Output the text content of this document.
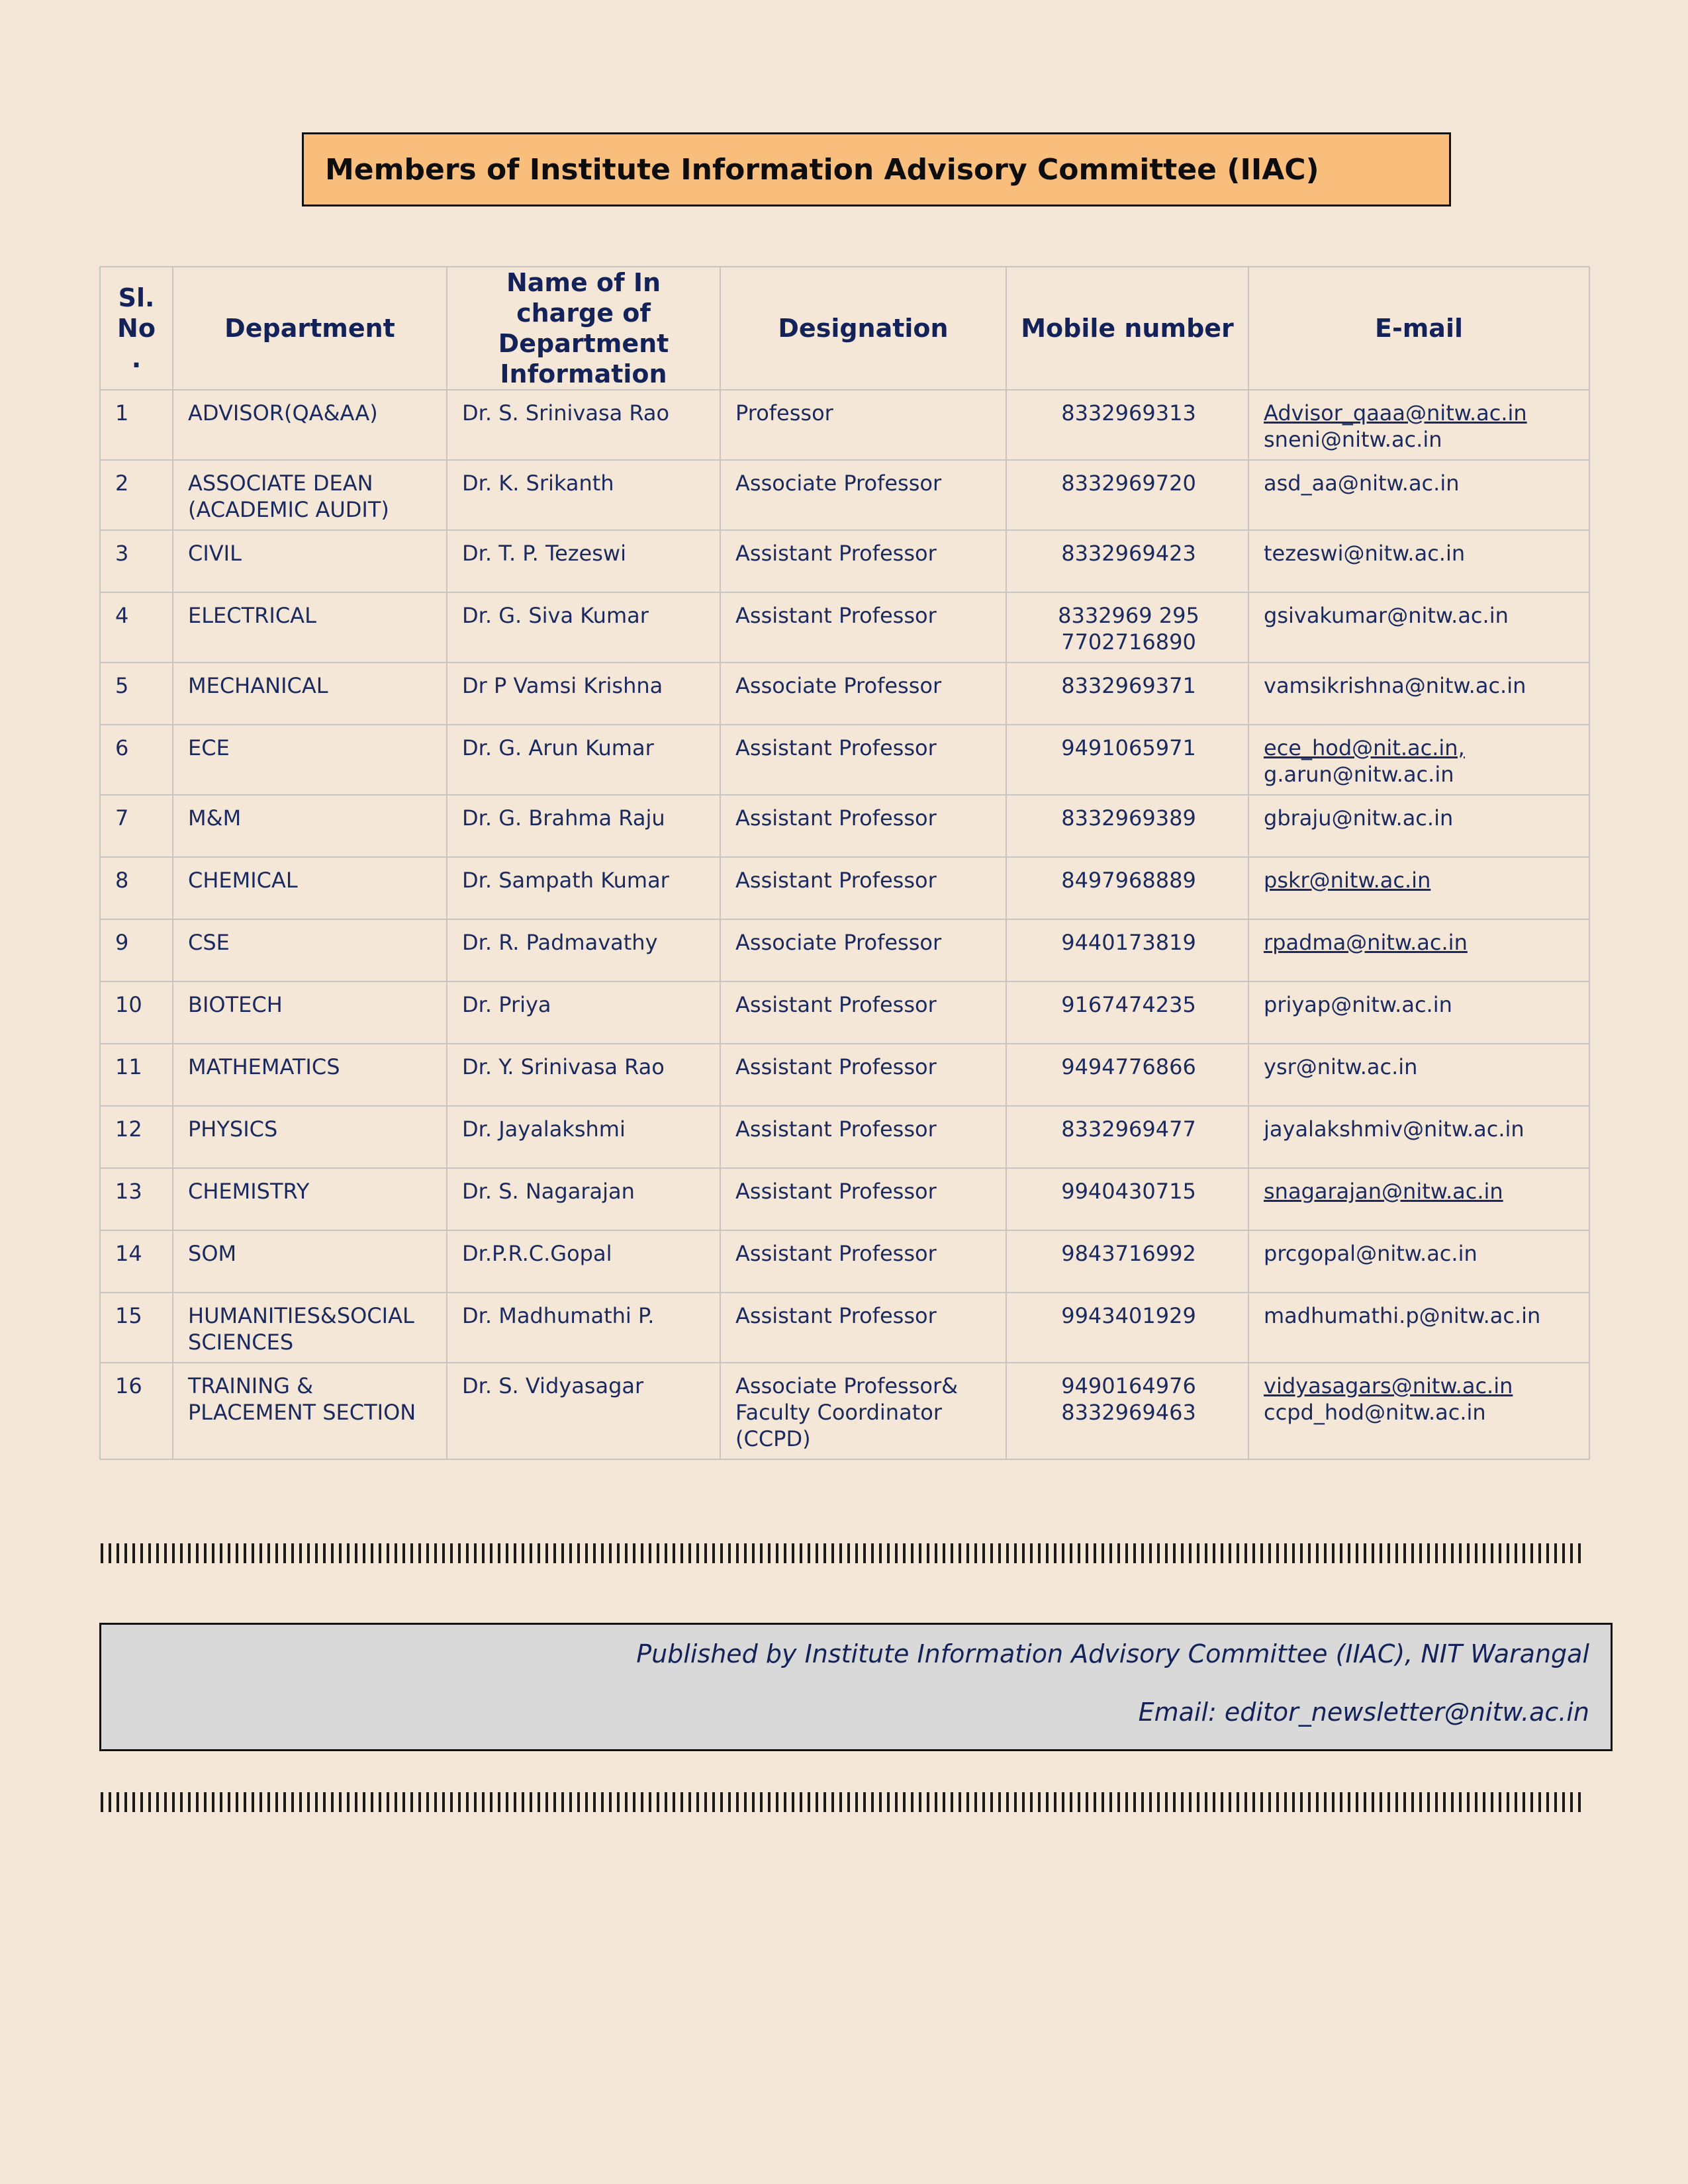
Members of Institute Information Advisory Committee (IIAC)
Sl.
No
.	Department	Name of In
charge of
Department
Information	Designation	Mobile number	E-mail
1	ADVISOR(QA&AA)	Dr. S. Srinivasa Rao	Professor	8332969313	Advisor_qaaa@nitw.ac.in
sneni@nitw.ac.in

2	ASSOCIATE DEAN
(ACADEMIC AUDIT)	Dr. K. Srikanth	Associate Professor	8332969720	asd_aa@nitw.ac.in

3	CIVIL	Dr. T. P. Tezeswi	Assistant Professor	8332969423	tezeswi@nitw.ac.in

4	ELECTRICAL	Dr. G. Siva Kumar	Assistant Professor	8332969 295
7702716890	gsivakumar@nitw.ac.in

5	MECHANICAL	Dr P Vamsi Krishna	Associate Professor	8332969371	vamsikrishna@nitw.ac.in

6	ECE	Dr. G. Arun Kumar	Assistant Professor	9491065971	ece_hod@nit.ac.in,
g.arun@nitw.ac.in

7	M&M	Dr. G. Brahma Raju	Assistant Professor	8332969389	gbraju@nitw.ac.in

8	CHEMICAL	Dr. Sampath Kumar	Assistant Professor	8497968889	pskr@nitw.ac.in

9	CSE	Dr. R. Padmavathy	Associate Professor	9440173819	rpadma@nitw.ac.in

10	BIOTECH	Dr. Priya	Assistant Professor	9167474235	priyap@nitw.ac.in

11	MATHEMATICS	Dr. Y. Srinivasa Rao	Assistant Professor	9494776866	ysr@nitw.ac.in

12	PHYSICS	Dr. Jayalakshmi	Assistant Professor	8332969477	jayalakshmiv@nitw.ac.in

13	CHEMISTRY	Dr. S. Nagarajan	Assistant Professor	9940430715	snagarajan@nitw.ac.in

14	SOM	Dr.P.R.C.Gopal	Assistant Professor	9843716992	prcgopal@nitw.ac.in

15	HUMANITIES&SOCIAL
SCIENCES	Dr. Madhumathi P.	Assistant Professor	9943401929	madhumathi.p@nitw.ac.in

16	TRAINING &
PLACEMENT SECTION	Dr. S. Vidyasagar	Associate Professor&
Faculty Coordinator
(CCPD)	9490164976
8332969463	vidyasagars@nitw.ac.in
ccpd_hod@nitw.ac.in

Published by Institute Information Advisory Committee (IIAC), NIT Warangal

Email: editor_newsletter@nitw.ac.in
